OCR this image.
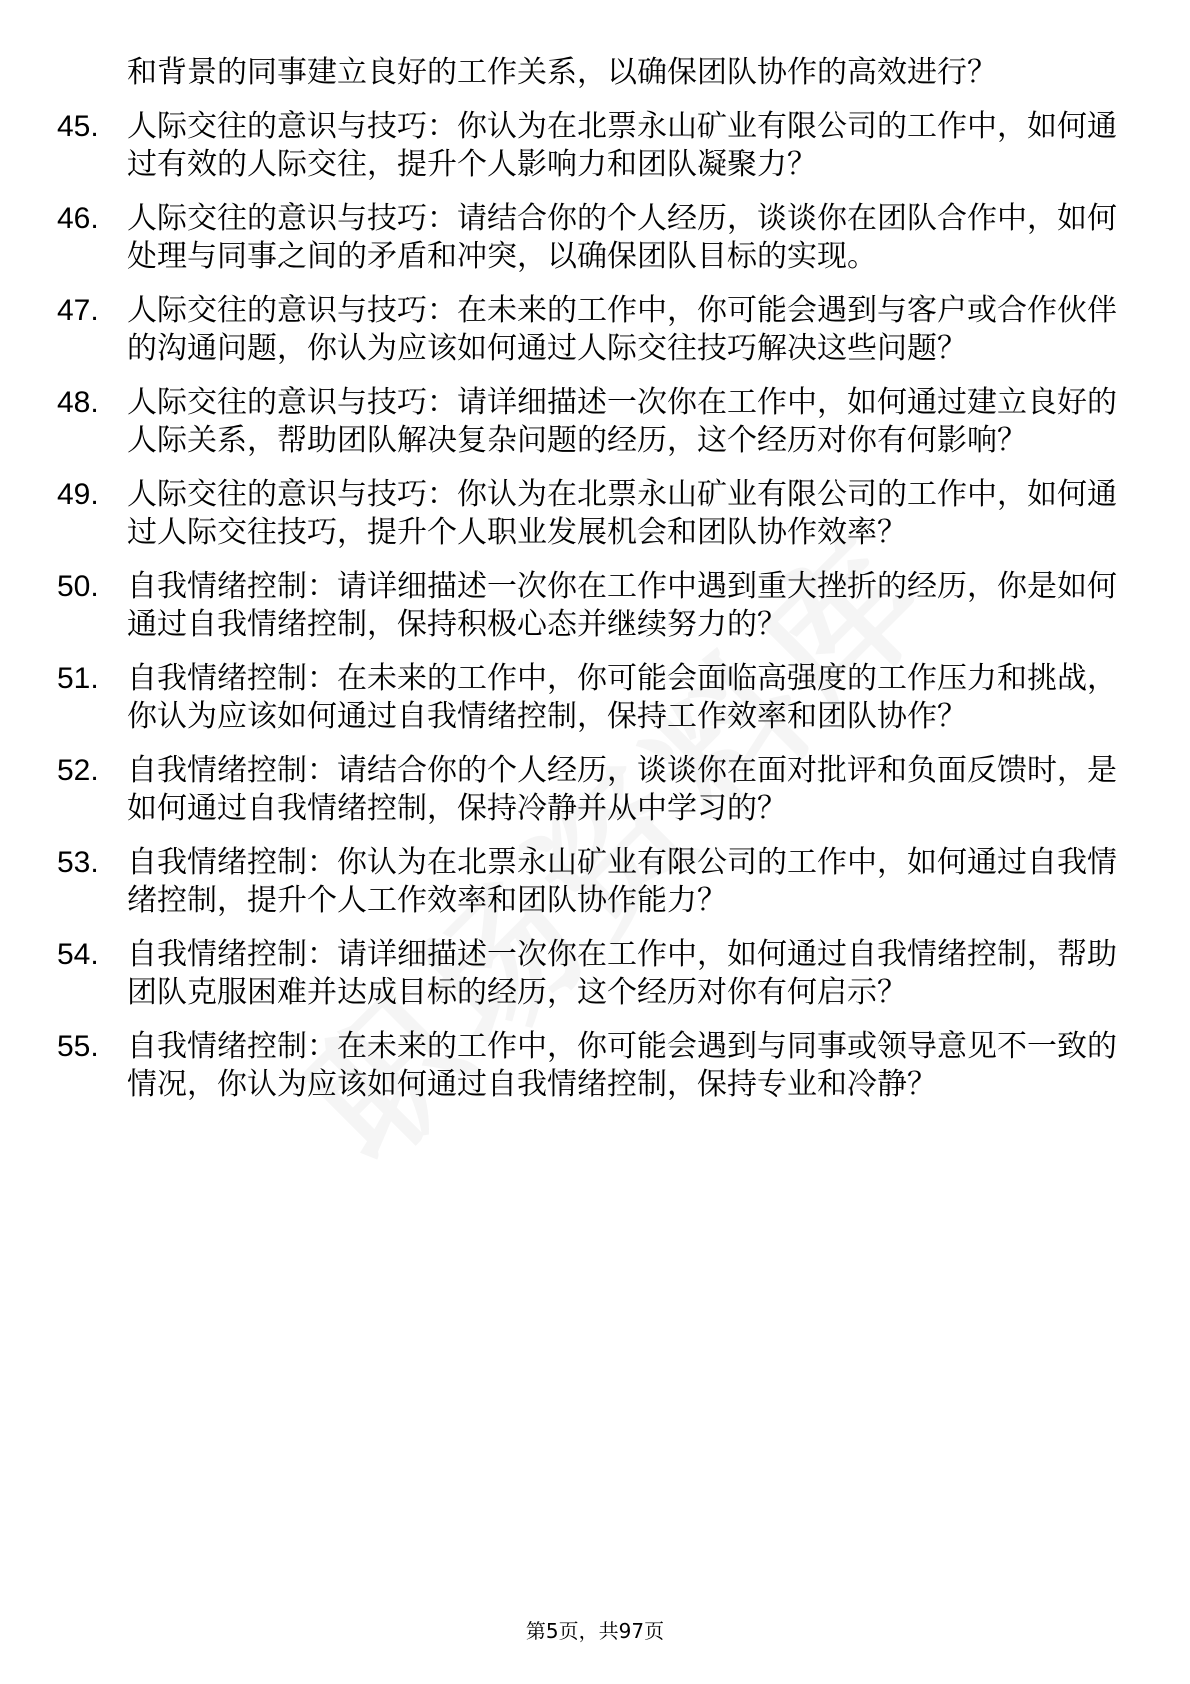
和背景的同事建立良好的工作关系，以确保团队协作的高效进行？
45. 人际交往的意识与技巧：你认为在北票永山矿业有限公司的工作中，如何通过有效的人际交往，提升个人影响力和团队凝聚力？
46. 人际交往的意识与技巧：请结合你的个人经历，谈谈你在团队合作中，如何处理与同事之间的矛盾和冲突，以确保团队目标的实现。
47. 人际交往的意识与技巧：在未来的工作中，你可能会遇到与客户或合作伙伴的沟通问题，你认为应该如何通过人际交往技巧解决这些问题？
48. 人际交往的意识与技巧：请详细描述一次你在工作中，如何通过建立良好的人际关系，帮助团队解决复杂问题的经历，这个经历对你有何影响？
49. 人际交往的意识与技巧：你认为在北票永山矿业有限公司的工作中，如何通过人际交往技巧，提升个人职业发展机会和团队协作效率？
50. 自我情绪控制：请详细描述一次你在工作中遇到重大挫折的经历，你是如何通过自我情绪控制，保持积极心态并继续努力的？
51. 自我情绪控制：在未来的工作中，你可能会面临高强度的工作压力和挑战，你认为应该如何通过自我情绪控制，保持工作效率和团队协作？
52. 自我情绪控制：请结合你的个人经历，谈谈你在面对批评和负面反馈时，是如何通过自我情绪控制，保持冷静并从中学习的？
53. 自我情绪控制：你认为在北票永山矿业有限公司的工作中，如何通过自我情绪控制，提升个人工作效率和团队协作能力？
54. 自我情绪控制：请详细描述一次你在工作中，如何通过自我情绪控制，帮助团队克服困难并达成目标的经历，这个经历对你有何启示？
55. 自我情绪控制：在未来的工作中，你可能会遇到与同事或领导意见不一致的情况，你认为应该如何通过自我情绪控制，保持专业和冷静？
第5页，共97页
